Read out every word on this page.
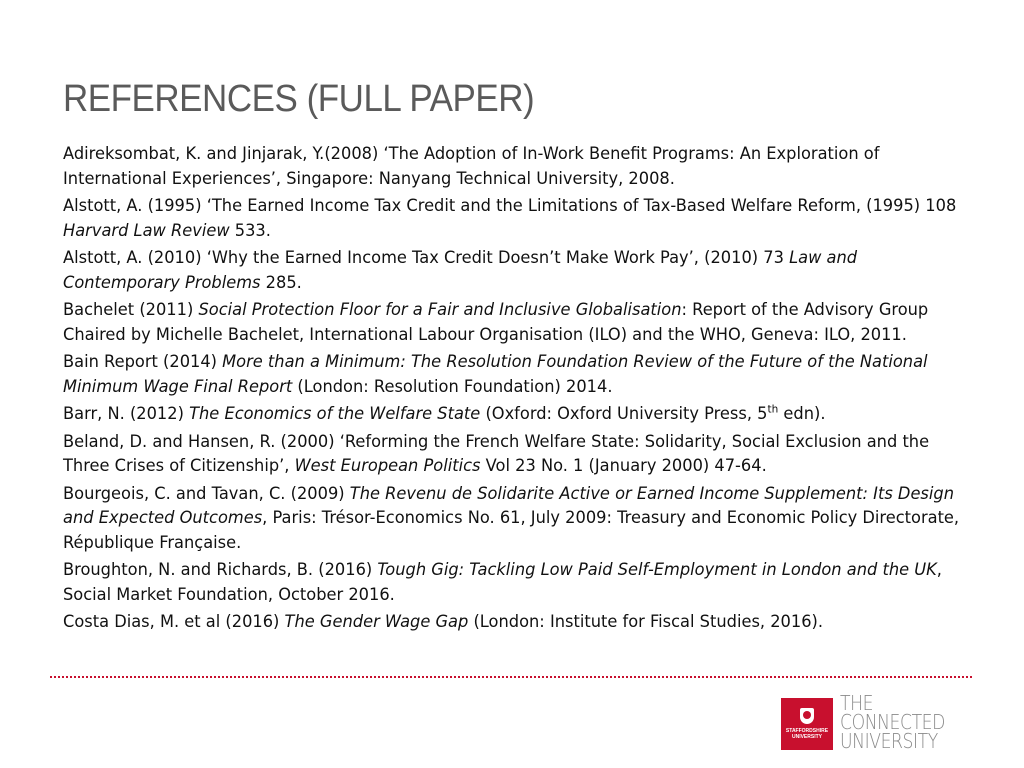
REFERENCES (FULL PAPER)
Adireksombat, K. and Jinjarak, Y.(2008) ‘The Adoption of In-Work Benefit Programs: An Exploration of International Experiences’, Singapore: Nanyang Technical University, 2008.
Alstott, A. (1995) ‘The Earned Income Tax Credit and the Limitations of Tax-Based Welfare Reform, (1995) 108 Harvard Law Review 533.
Alstott, A. (2010) ‘Why the Earned Income Tax Credit Doesn’t Make Work Pay’, (2010) 73 Law and Contemporary Problems 285.
Bachelet (2011) Social Protection Floor for a Fair and Inclusive Globalisation: Report of the Advisory Group Chaired by Michelle Bachelet, International Labour Organisation (ILO) and the WHO, Geneva: ILO, 2011.
Bain Report (2014) More than a Minimum: The Resolution Foundation Review of the Future of the National Minimum Wage Final Report (London: Resolution Foundation) 2014.
Barr, N. (2012) The Economics of the Welfare State (Oxford: Oxford University Press, 5th edn).
Beland, D. and Hansen, R. (2000) ‘Reforming the French Welfare State: Solidarity, Social Exclusion and the Three Crises of Citizenship’, West European Politics Vol 23 No. 1 (January 2000) 47-64.
Bourgeois, C. and Tavan, C. (2009) The Revenu de Solidarite Active or Earned Income Supplement: Its Design and Expected Outcomes, Paris: Trésor-Economics No. 61, July 2009: Treasury and Economic Policy Directorate, République Française.
Broughton, N. and Richards, B. (2016) Tough Gig: Tackling Low Paid Self-Employment in London and the UK, Social Market Foundation, October 2016.
Costa Dias, M. et al (2016) The Gender Wage Gap (London: Institute for Fiscal Studies, 2016).
STAFFORDSHIRE UNIVERSITY
THE
CONNECTED
UNIVERSITY
